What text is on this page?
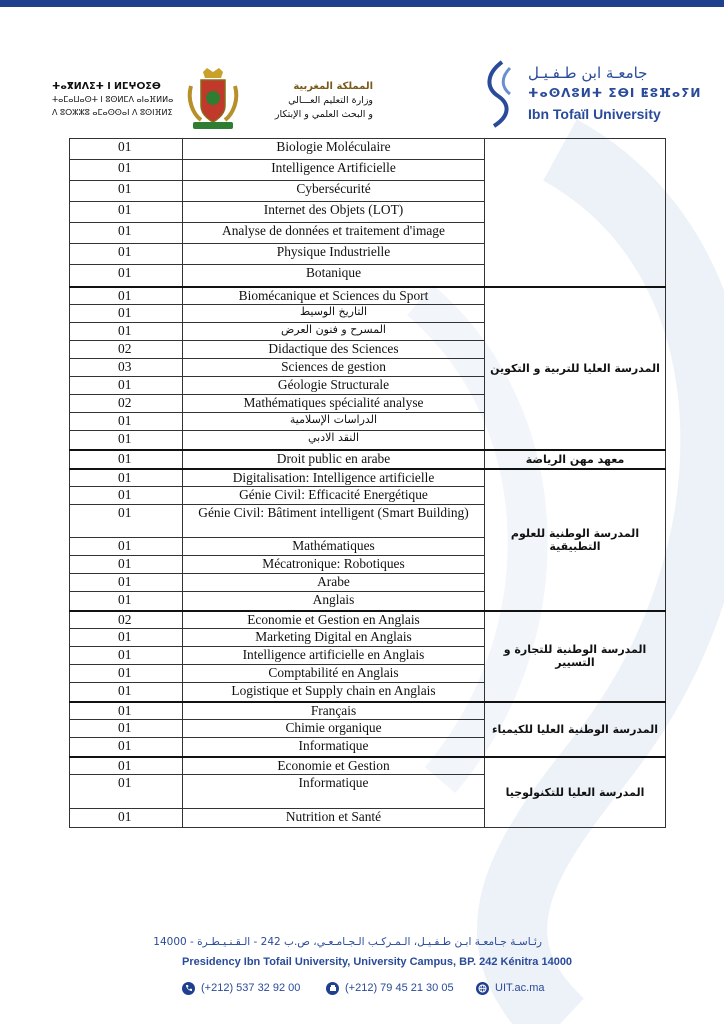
جامعـة ابن طـفـيـل
ⵜⴰⵙⴷⵓⵍⵜ ⵉⴱⵏ ⵟⵓⴼⴰⵢⵍ
Ibn Tofaïl University
المملكة المغربية
وزارة التعليم العـــالي
و البحث العلمي و الإبتكار
ⵜⴰⴳⵍⴷⵉⵜ ⵏ ⵍⵎⵖⵔⵉⴱ
ⵜⴰⵎⴰⵡⴰⵙⵜ ⵏ ⵓⵙⵍⵎⴷ ⴰⵏⴰⴼⵍⵍⴰ
ⴷ ⵓⵔⵣⵣⵓ ⴰⵎⴰⵙⵙⴰⵏ ⴷ ⵓⵙⵏⴼⵍⵉ
01	Biologie Moléculaire	
01	Intelligence Artificielle	
01	Cybersécurité	
01	Internet des Objets (LOT)	
01	Analyse de données et traitement d'image	
01	Physique Industrielle	
01	Botanique	
01	Biomécanique et Sciences du Sport	المدرسة العليا للتربية و التكوين
01	التاريخ الوسيط	
01	المسرح و فنون العرض	
02	Didactique des Sciences	
03	Sciences de gestion	
01	Géologie Structurale	
02	Mathématiques spécialité analyse	
01	الدراسات الإسلامية	
01	النقد الادبي	
01	Droit public en arabe	معهد مهن الرياضة
01	Digitalisation: Intelligence artificielle	المدرسة الوطنية للعلوم التطبيقية
01	Génie Civil: Efficacité Energétique	
01	Génie Civil: Bâtiment intelligent (Smart Building)	
01	Mathématiques	
01	Mécatronique: Robotiques	
01	Arabe	
01	Anglais	
02	Economie et Gestion en Anglais	المدرسة الوطنية للتجارة و التسيير
01	Marketing Digital en Anglais	
01	Intelligence artificielle en Anglais	
01	Comptabilité en Anglais	
01	Logistique et Supply chain en Anglais	
01	Français	المدرسة الوطنية العليا للكيمياء
01	Chimie organique	
01	Informatique	
01	Economie et Gestion	المدرسة العليا للتكنولوجيا
01	Informatique	
01	Nutrition et Santé	
رئـاسـة جـامعـة ابـن طـفـيـل، الـمـركـب الـجـامـعـي، ص.ب 242 - الـقـنـيـطـرة - 14000
Presidency Ibn Tofail University, University Campus, BP. 242 Kénitra 14000
(+212) 537 32 92 00	(+212) 79 45 21 30 05	UIT.ac.ma
